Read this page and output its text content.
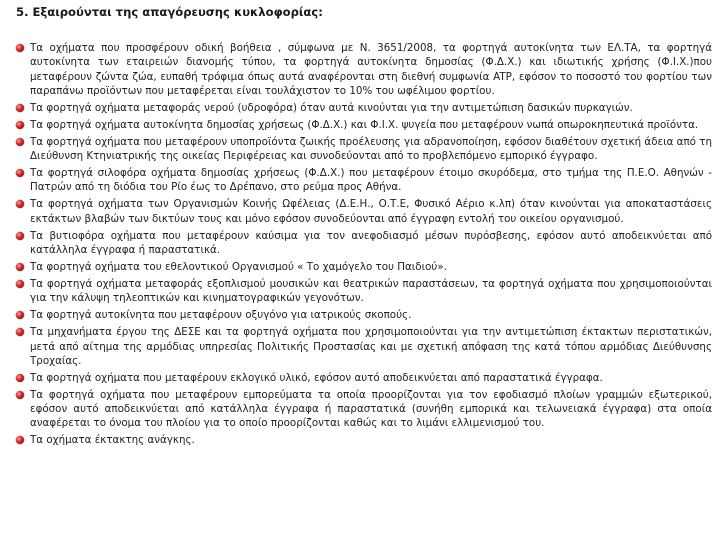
5. Εξαιρούνται της απαγόρευσης κυκλοφορίας:
Τα οχήματα που προσφέρουν οδική βοήθεια , σύμφωνα με Ν. 3651/2008, τα φορτηγά αυτοκίνητα των ΕΛ.ΤΑ, τα φορτηγά αυτοκίνητα των εταιρειών διανομής τύπου, τα φορτηγά αυτοκίνητα δημοσίας (Φ.Δ.Χ.) και ιδιωτικής χρήσης (Φ.Ι.Χ.)που μεταφέρουν ζώντα ζώα, ευπαθή τρόφιμα όπως αυτά αναφέρονται στη διεθνή συμφωνία ATP, εφόσον το ποσοστό του φορτίου των παραπάνω προϊόντων που μεταφέρεται είναι τουλάχιστον το 10% του ωφέλιμου φορτίου.
Τα φορτηγά οχήματα μεταφοράς νερού (υδροφόρα) όταν αυτά κινούνται για την αντιμετώπιση δασικών πυρκαγιών.
Τα φορτηγά οχήματα αυτοκίνητα δημοσίας χρήσεως (Φ.Δ.Χ.) και Φ.Ι.Χ. ψυγεία που μεταφέρουν νωπά οπωροκηπευτικά προϊόντα.
Τα φορτηγά οχήματα που μεταφέρουν υποπροϊόντα ζωικής προέλευσης για αδρανοποίηση, εφόσον διαθέτουν σχετική άδεια από τη Διεύθυνση Κτηνιατρικής της οικείας Περιφέρειας και συνοδεύονται από το προβλεπόμενο εμπορικό έγγραφο.
Τα φορτηγά σιλοφόρα οχήματα δημοσίας χρήσεως (Φ.Δ.Χ.) που μεταφέρουν έτοιμο σκυρόδεμα, στο τμήμα της Π.Ε.Ο. Αθηνών - Πατρών από τη διόδια του Ρίο έως το Δρέπανο, στο ρεύμα προς Αθήνα.
Τα φορτηγά οχήματα των Οργανισμών Κοινής Ωφέλειας (Δ.Ε.Η., Ο.Τ.Ε, Φυσικό Αέριο κ.λπ) όταν κινούνται για αποκαταστάσεις εκτάκτων βλαβών των δικτύων τους και μόνο εφόσον συνοδεύονται από έγγραφη εντολή του οικείου οργανισμού.
Τα βυτιοφόρα οχήματα που μεταφέρουν καύσιμα για τον ανεφοδιασμό μέσων πυρόσβεσης, εφόσον αυτό αποδεικνύεται από κατάλληλα έγγραφα ή παραστατικά.
Τα φορτηγά οχήματα του εθελοντικού Οργανισμού « Το χαμόγελο του Παιδιού».
Τα φορτηγά οχήματα μεταφοράς εξοπλισμού μουσικών και θεατρικών παραστάσεων, τα φορτηγά οχήματα που χρησιμοποιούνται για την κάλυψη τηλεοπτικών και κινηματογραφικών γεγονότων.
Τα φορτηγά αυτοκίνητα που μεταφέρουν οξυγόνο για ιατρικούς σκοπούς.
Τα μηχανήματα έργου της ΔΕΣΕ και τα φορτηγά οχήματα που χρησιμοποιούνται για την αντιμετώπιση έκτακτων περιστατικών, μετά από αίτημα της αρμόδιας υπηρεσίας Πολιτικής Προστασίας και με σχετική απόφαση της κατά τόπου αρμόδιας Διεύθυνσης Τροχαίας.
Τα φορτηγά οχήματα που μεταφέρουν εκλογικό υλικό, εφόσον αυτό αποδεικνύεται από παραστατικά έγγραφα.
Τα φορτηγά οχήματα που μεταφέρουν εμπορεύματα τα οποία προορίζονται για τον εφοδιασμό πλοίων γραμμών εξωτερικού, εφόσον αυτό αποδεικνύεται από κατάλληλα έγγραφα ή παραστατικά (συνήθη εμπορικά και τελωνειακά έγγραφα) στα οποία αναφέρεται το όνομα του πλοίου για το οποίο προορίζονται καθώς και το λιμάνι ελλιμενισμού του.
Τα οχήματα έκτακτης ανάγκης.
